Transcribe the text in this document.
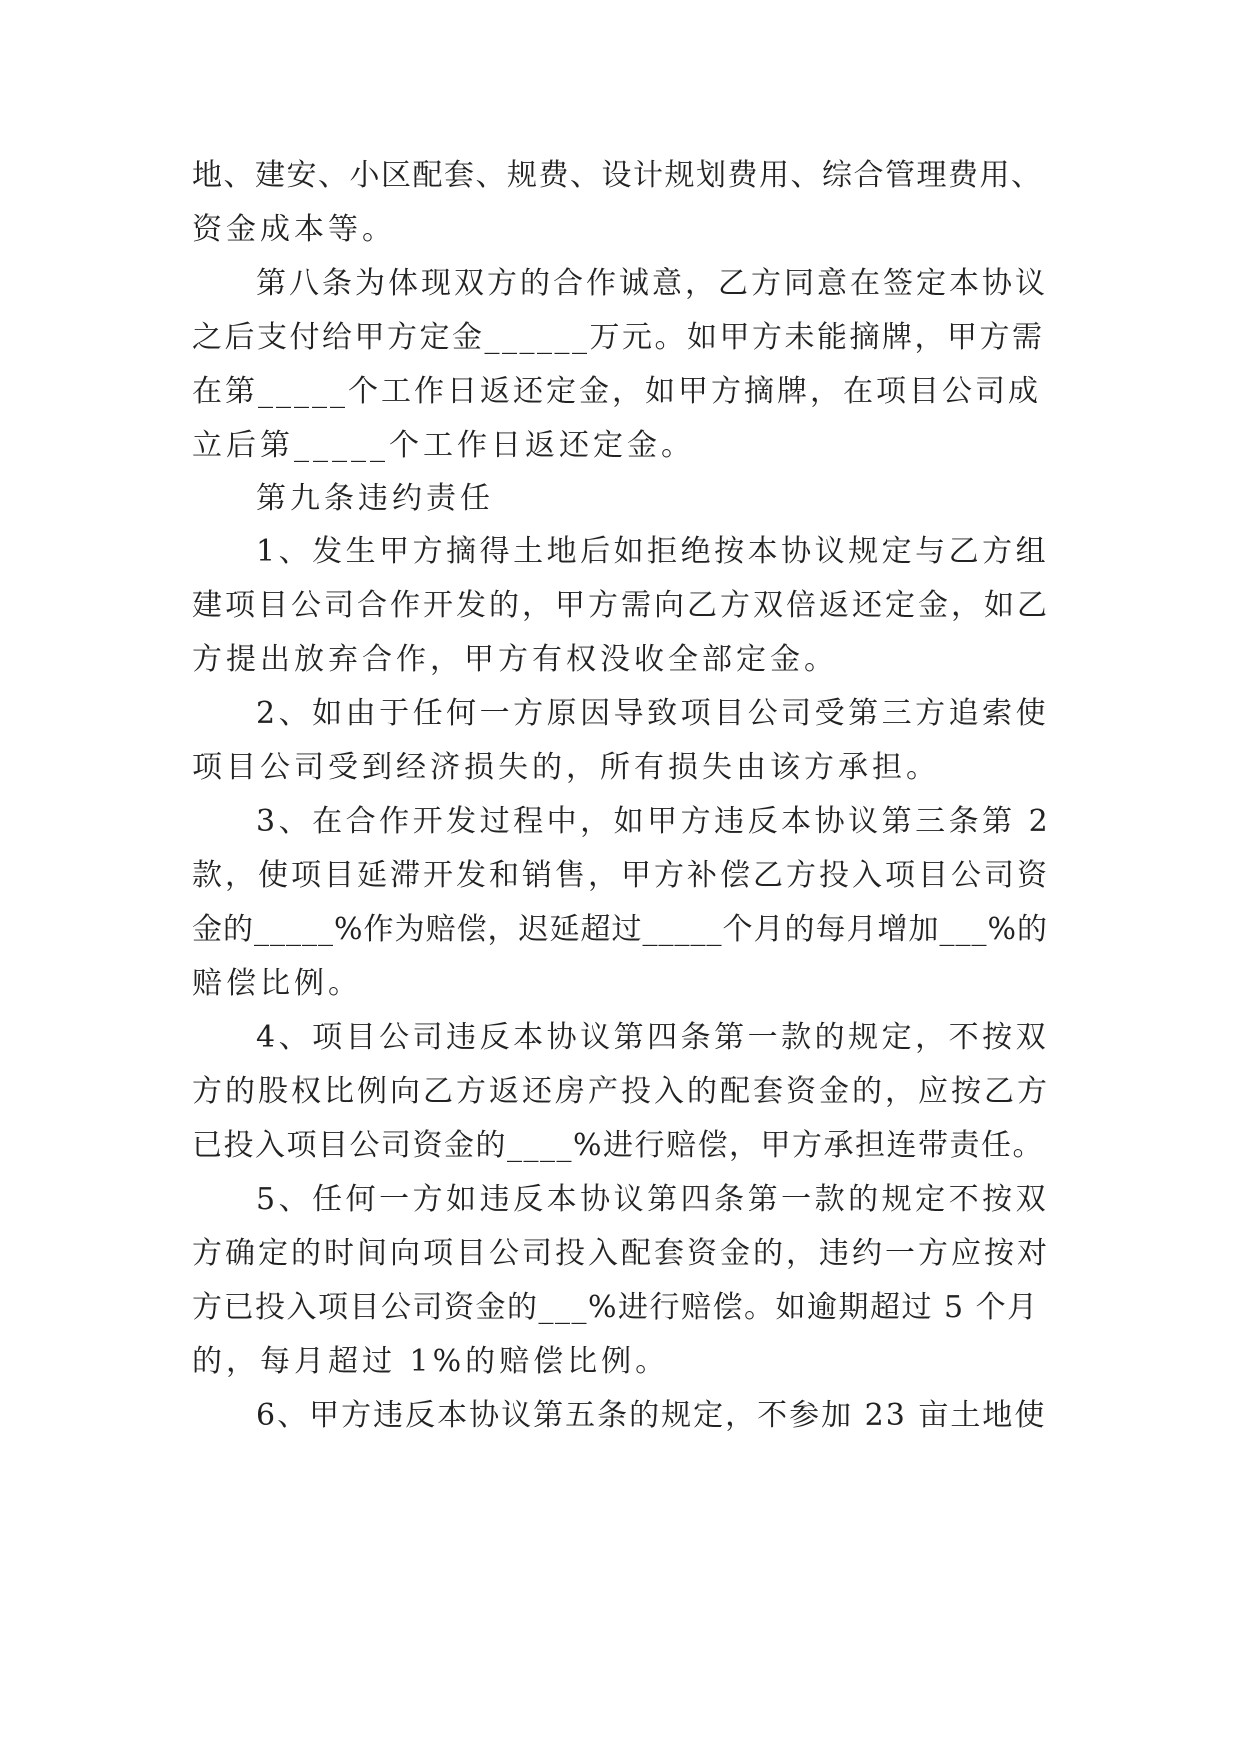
地、建安、小区配套、规费、设计规划费用、综合管理费用、
资金成本等。
第八条为体现双方的合作诚意，乙方同意在签定本协议
之后支付给甲方定金______万元。如甲方未能摘牌，甲方需
在第_____个工作日返还定金，如甲方摘牌，在项目公司成
立后第_____个工作日返还定金。
第九条违约责任
1、发生甲方摘得土地后如拒绝按本协议规定与乙方组
建项目公司合作开发的，甲方需向乙方双倍返还定金，如乙
方提出放弃合作，甲方有权没收全部定金。
2、如由于任何一方原因导致项目公司受第三方追索使
项目公司受到经济损失的，所有损失由该方承担。
3、在合作开发过程中，如甲方违反本协议第三条第 2
款，使项目延滞开发和销售，甲方补偿乙方投入项目公司资
金的_____%作为赔偿，迟延超过_____个月的每月增加___%的
赔偿比例。
4、项目公司违反本协议第四条第一款的规定，不按双
方的股权比例向乙方返还房产投入的配套资金的，应按乙方
已投入项目公司资金的____%进行赔偿，甲方承担连带责任。
5、任何一方如违反本协议第四条第一款的规定不按双
方确定的时间向项目公司投入配套资金的，违约一方应按对
方已投入项目公司资金的___%进行赔偿。如逾期超过 5 个月
的，每月超过 1%的赔偿比例。
6、甲方违反本协议第五条的规定，不参加 23 亩土地使
